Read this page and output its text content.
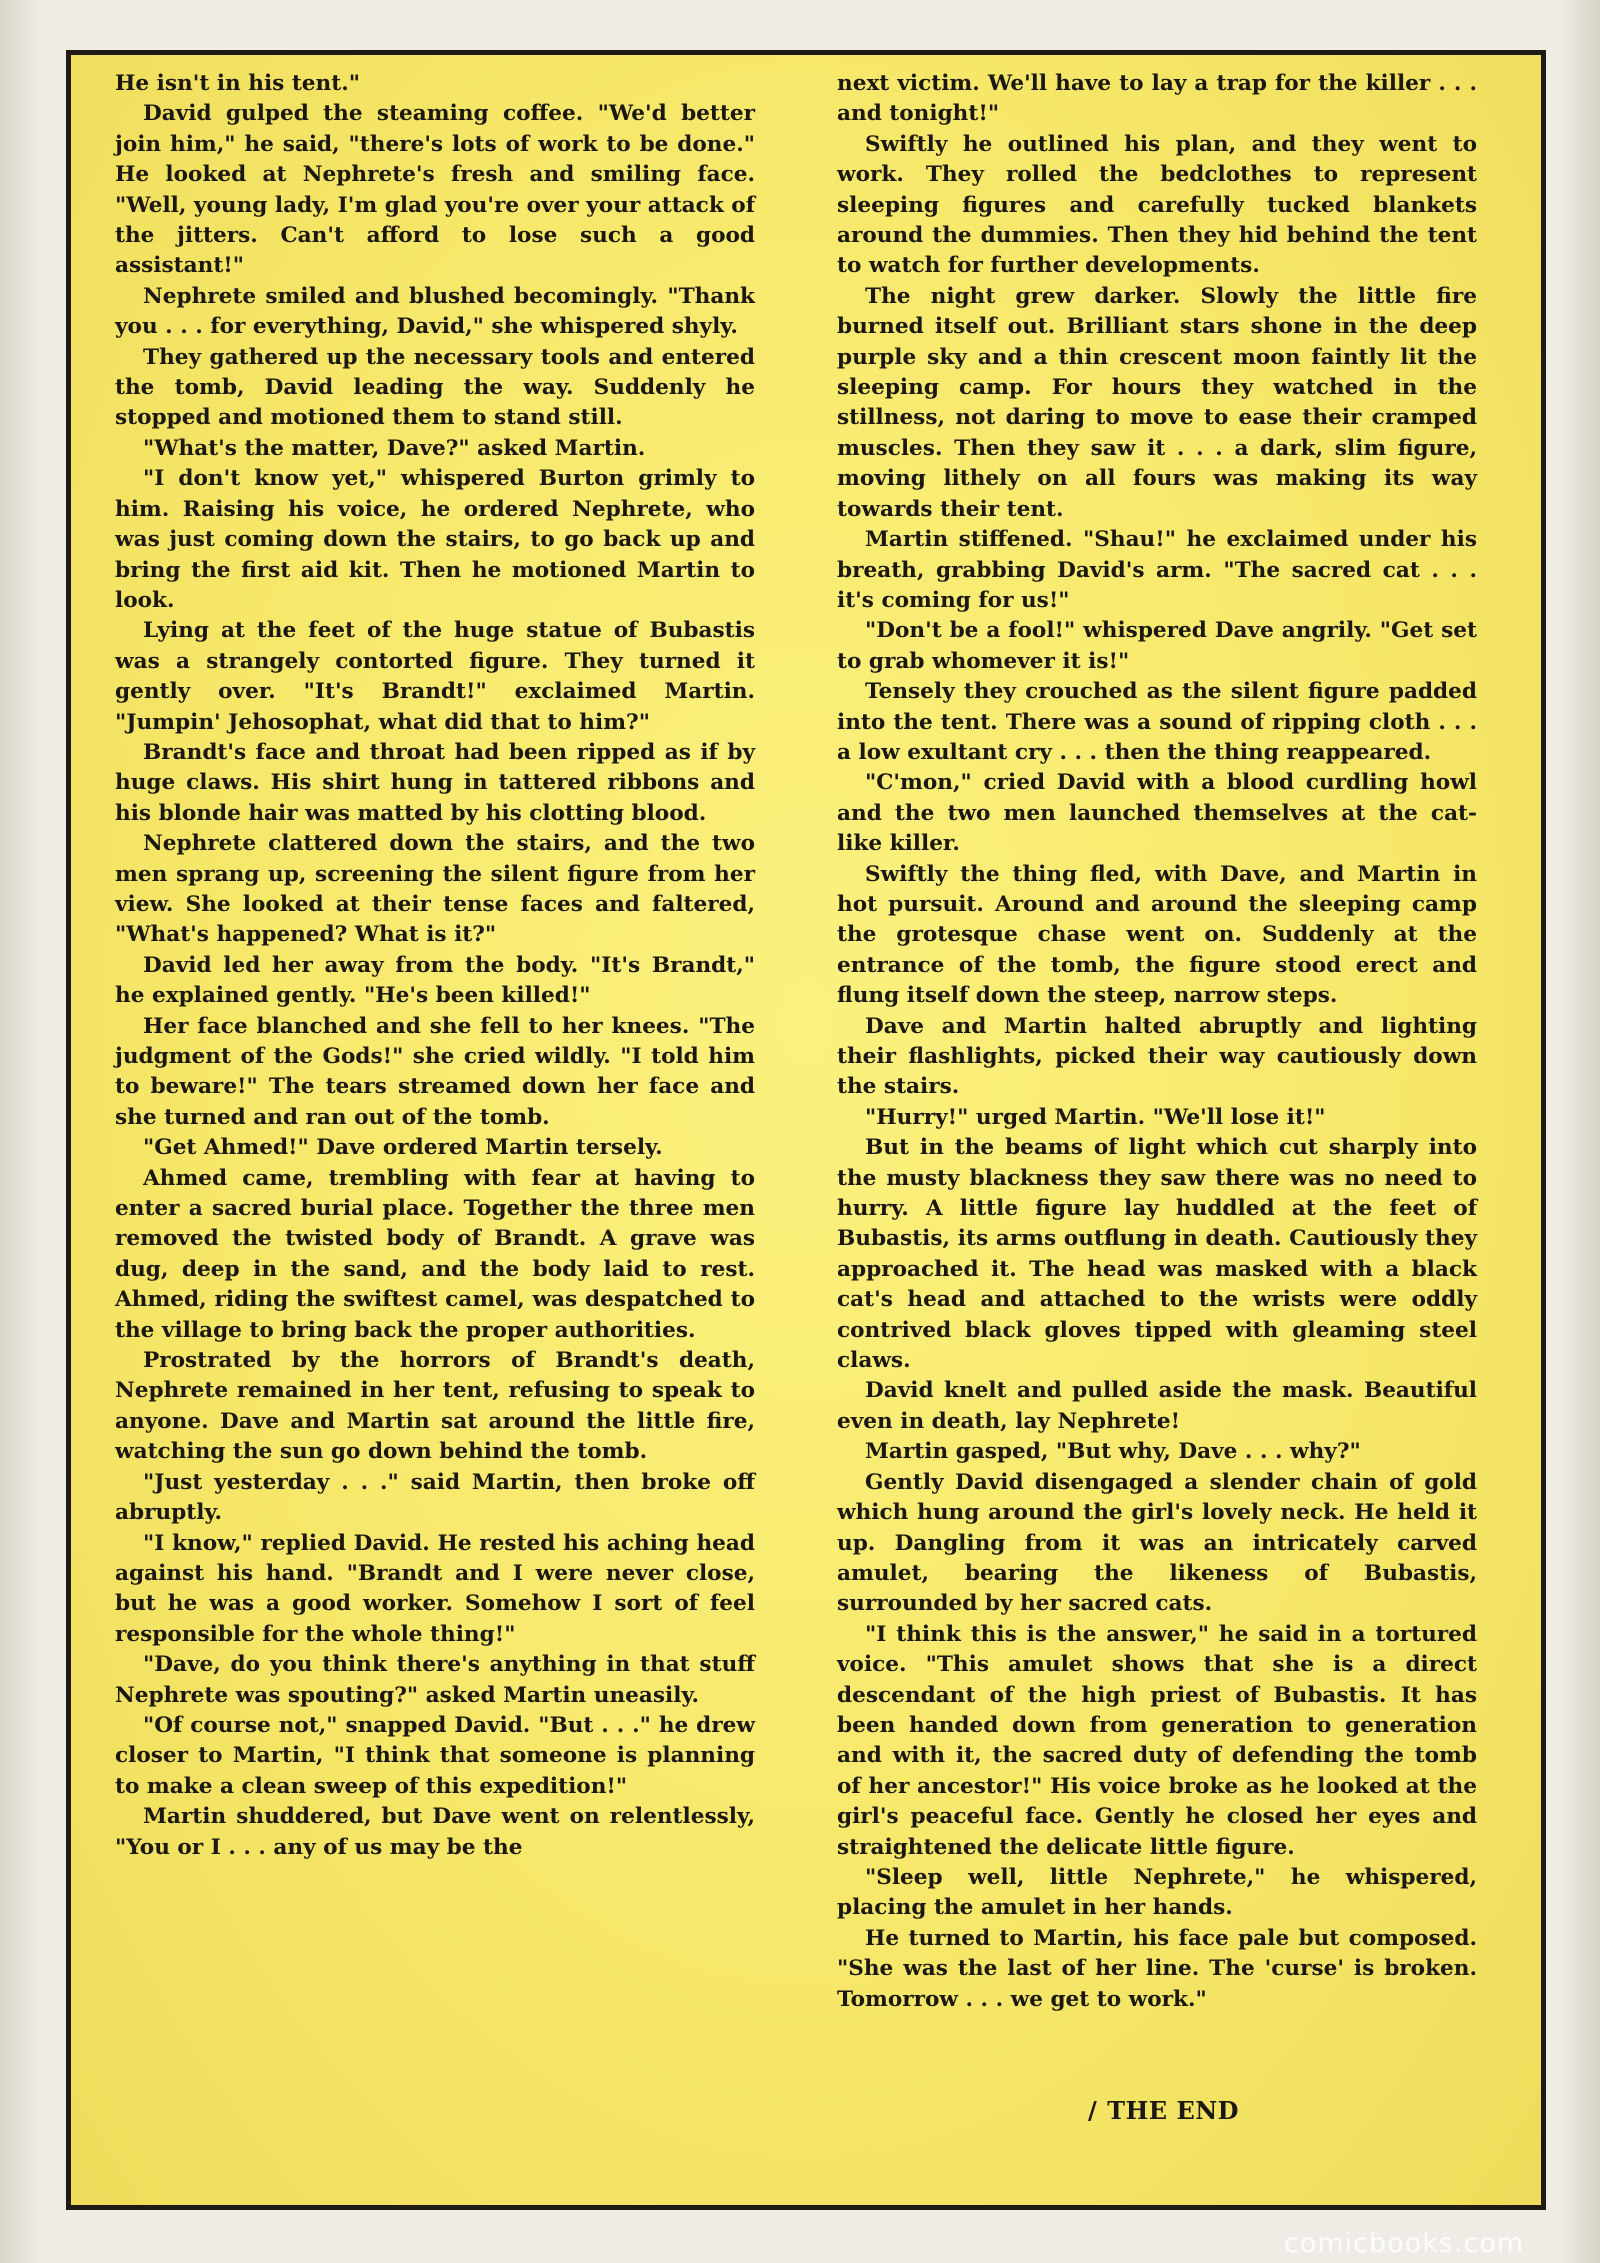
He isn't in his tent."

David gulped the steaming coffee. "We'd better join him," he said, "there's lots of work to be done." He looked at Nephrete's fresh and smiling face. "Well, young lady, I'm glad you're over your attack of the jitters. Can't afford to lose such a good assistant!"

Nephrete smiled and blushed becomingly. "Thank you . . . for everything, David," she whispered shyly.

They gathered up the necessary tools and entered the tomb, David leading the way. Suddenly he stopped and motioned them to stand still.

"What's the matter, Dave?" asked Martin.

"I don't know yet," whispered Burton grimly to him. Raising his voice, he ordered Nephrete, who was just coming down the stairs, to go back up and bring the first aid kit. Then he motioned Martin to look.

Lying at the feet of the huge statue of Bubastis was a strangely contorted figure. They turned it gently over. "It's Brandt!" exclaimed Martin. "Jumpin' Jehosophat, what did that to him?"

Brandt's face and throat had been ripped as if by huge claws. His shirt hung in tattered ribbons and his blonde hair was matted by his clotting blood.

Nephrete clattered down the stairs, and the two men sprang up, screening the silent figure from her view. She looked at their tense faces and faltered, "What's happened? What is it?"

David led her away from the body. "It's Brandt," he explained gently. "He's been killed!"

Her face blanched and she fell to her knees. "The judgment of the Gods!" she cried wildly. "I told him to beware!" The tears streamed down her face and she turned and ran out of the tomb.

"Get Ahmed!" Dave ordered Martin tersely.

Ahmed came, trembling with fear at having to enter a sacred burial place. Together the three men removed the twisted body of Brandt. A grave was dug, deep in the sand, and the body laid to rest. Ahmed, riding the swiftest camel, was despatched to the village to bring back the proper authorities.

Prostrated by the horrors of Brandt's death, Nephrete remained in her tent, refusing to speak to anyone. Dave and Martin sat around the little fire, watching the sun go down behind the tomb.

"Just yesterday . . ." said Martin, then broke off abruptly.

"I know," replied David. He rested his aching head against his hand. "Brandt and I were never close, but he was a good worker. Somehow I sort of feel responsible for the whole thing!"

"Dave, do you think there's anything in that stuff Nephrete was spouting?" asked Martin uneasily.

"Of course not," snapped David. "But . . ." he drew closer to Martin, "I think that someone is planning to make a clean sweep of this expedition!"

Martin shuddered, but Dave went on relentlessly, "You or I . . . any of us may be the

next victim. We'll have to lay a trap for the killer . . . and tonight!"

Swiftly he outlined his plan, and they went to work. They rolled the bedclothes to represent sleeping figures and carefully tucked blankets around the dummies. Then they hid behind the tent to watch for further developments.

The night grew darker. Slowly the little fire burned itself out. Brilliant stars shone in the deep purple sky and a thin crescent moon faintly lit the sleeping camp. For hours they watched in the stillness, not daring to move to ease their cramped muscles. Then they saw it . . . a dark, slim figure, moving lithely on all fours was making its way towards their tent.

Martin stiffened. "Shau!" he exclaimed under his breath, grabbing David's arm. "The sacred cat . . . it's coming for us!"

"Don't be a fool!" whispered Dave angrily. "Get set to grab whomever it is!"

Tensely they crouched as the silent figure padded into the tent. There was a sound of ripping cloth . . . a low exultant cry . . . then the thing reappeared.

"C'mon," cried David with a blood curdling howl and the two men launched themselves at the cat-like killer.

Swiftly the thing fled, with Dave, and Martin in hot pursuit. Around and around the sleeping camp the grotesque chase went on. Suddenly at the entrance of the tomb, the figure stood erect and flung itself down the steep, narrow steps.

Dave and Martin halted abruptly and lighting their flashlights, picked their way cautiously down the stairs.

"Hurry!" urged Martin. "We'll lose it!"

But in the beams of light which cut sharply into the musty blackness they saw there was no need to hurry. A little figure lay huddled at the feet of Bubastis, its arms outflung in death. Cautiously they approached it. The head was masked with a black cat's head and attached to the wrists were oddly contrived black gloves tipped with gleaming steel claws.

David knelt and pulled aside the mask. Beautiful even in death, lay Nephrete!

Martin gasped, "But why, Dave . . . why?"

Gently David disengaged a slender chain of gold which hung around the girl's lovely neck. He held it up. Dangling from it was an intricately carved amulet, bearing the likeness of Bubastis, surrounded by her sacred cats.

"I think this is the answer," he said in a tortured voice. "This amulet shows that she is a direct descendant of the high priest of Bubastis. It has been handed down from generation to generation and with it, the sacred duty of defending the tomb of her ancestor!" His voice broke as he looked at the girl's peaceful face. Gently he closed her eyes and straightened the delicate little figure.

"Sleep well, little Nephrete," he whispered, placing the amulet in her hands.

He turned to Martin, his face pale but composed. "She was the last of her line. The 'curse' is broken. Tomorrow . . . we get to work."

/ THE END
comicbooks.com
